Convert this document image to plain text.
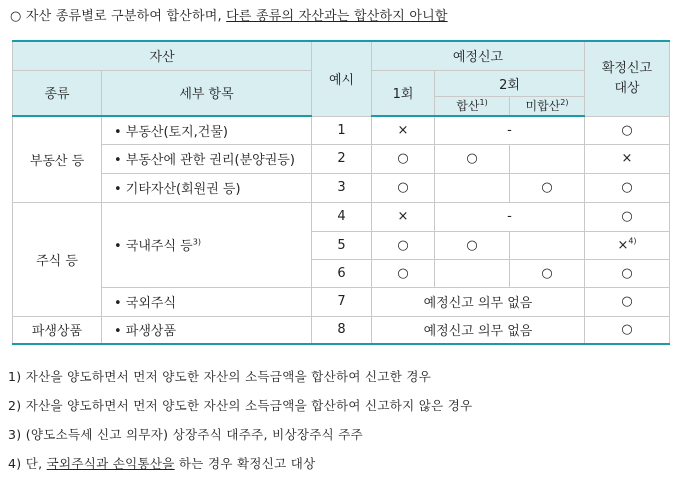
○ 자산 종류별로 구분하여 합산하며, 다른 종류의 자산과는 합산하지 아니함
자산		예시	예정신고			확정신고 대상
종류	세부 항목		1회	2회		
				합산$^{1)}$	미합산$^{2)}$
부동산 등	• 부동산(토지,건물)	1	×	-		○
	• 부동산에 관한 권리(분양권등)	2	○	○		×
	• 기타자산(회원권 등)	3	○		○	○
주식 등	• 국내주식 등$^{3)}$	4	×	-		○
		5	○	○		×$^{4)}$
		6	○		○	○
	• 국외주식	7	예정신고 의무 없음			○
파생상품	• 파생상품	8	예정신고 의무 없음			○
1) 자산을 양도하면서 먼저 양도한 자산의 소득금액을 합산하여 신고한 경우
2) 자산을 양도하면서 먼저 양도한 자산의 소득금액을 합산하여 신고하지 않은 경우
3) (양도소득세 신고 의무자) 상장주식 대주주, 비상장주식 주주
4) 단, 국외주식과 손익통산을 하는 경우 확정신고 대상
